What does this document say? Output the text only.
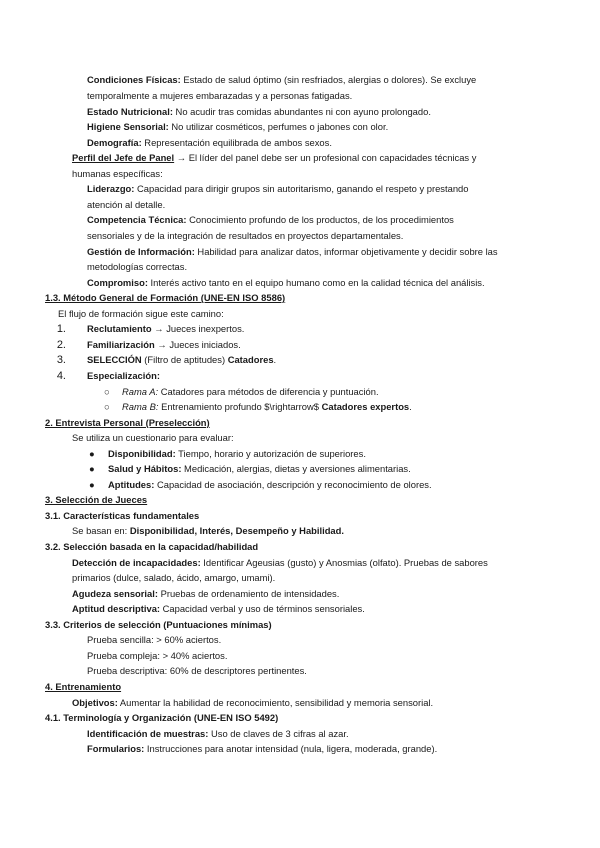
Condiciones Físicas: Estado de salud óptimo (sin resfriados, alergias o dolores). Se excluye
temporalmente a mujeres embarazadas y a personas fatigadas.
Estado Nutricional: No acudir tras comidas abundantes ni con ayuno prolongado.
Higiene Sensorial: No utilizar cosméticos, perfumes o jabones con olor.
Demografía: Representación equilibrada de ambos sexos.
Perfil del Jefe de Panel → El líder del panel debe ser un profesional con capacidades técnicas y
humanas específicas:
Liderazgo: Capacidad para dirigir grupos sin autoritarismo, ganando el respeto y prestando
atención al detalle.
Competencia Técnica: Conocimiento profundo de los productos, de los procedimientos
sensoriales y de la integración de resultados en proyectos departamentales.
Gestión de Información: Habilidad para analizar datos, informar objetivamente y decidir sobre las
metodologías correctas.
Compromiso: Interés activo tanto en el equipo humano como en la calidad técnica del análisis.
1.3. Método General de Formación (UNE-EN ISO 8586)
El flujo de formación sigue este camino:
1. Reclutamiento → Jueces inexpertos.
2. Familiarización → Jueces iniciados.
3. SELECCIÓN (Filtro de aptitudes) Catadores.
4. Especialización:
○ Rama A: Catadores para métodos de diferencia y puntuación.
○ Rama B: Entrenamiento profundo $\rightarrow$ Catadores expertos.
2. Entrevista Personal (Preselección)
Se utiliza un cuestionario para evaluar:
● Disponibilidad: Tiempo, horario y autorización de superiores.
● Salud y Hábitos: Medicación, alergias, dietas y aversiones alimentarias.
● Aptitudes: Capacidad de asociación, descripción y reconocimiento de olores.
3. Selección de Jueces
3.1. Características fundamentales
Se basan en: Disponibilidad, Interés, Desempeño y Habilidad.
3.2. Selección basada en la capacidad/habilidad
Detección de incapacidades: Identificar Ageusias (gusto) y Anosmias (olfato). Pruebas de sabores
primarios (dulce, salado, ácido, amargo, umami).
Agudeza sensorial: Pruebas de ordenamiento de intensidades.
Aptitud descriptiva: Capacidad verbal y uso de términos sensoriales.
3.3. Criterios de selección (Puntuaciones mínimas)
Prueba sencilla: > 60% aciertos.
Prueba compleja: > 40% aciertos.
Prueba descriptiva: 60% de descriptores pertinentes.
4. Entrenamiento
Objetivos: Aumentar la habilidad de reconocimiento, sensibilidad y memoria sensorial.
4.1. Terminología y Organización (UNE-EN ISO 5492)
Identificación de muestras: Uso de claves de 3 cifras al azar.
Formularios: Instrucciones para anotar intensidad (nula, ligera, moderada, grande).
